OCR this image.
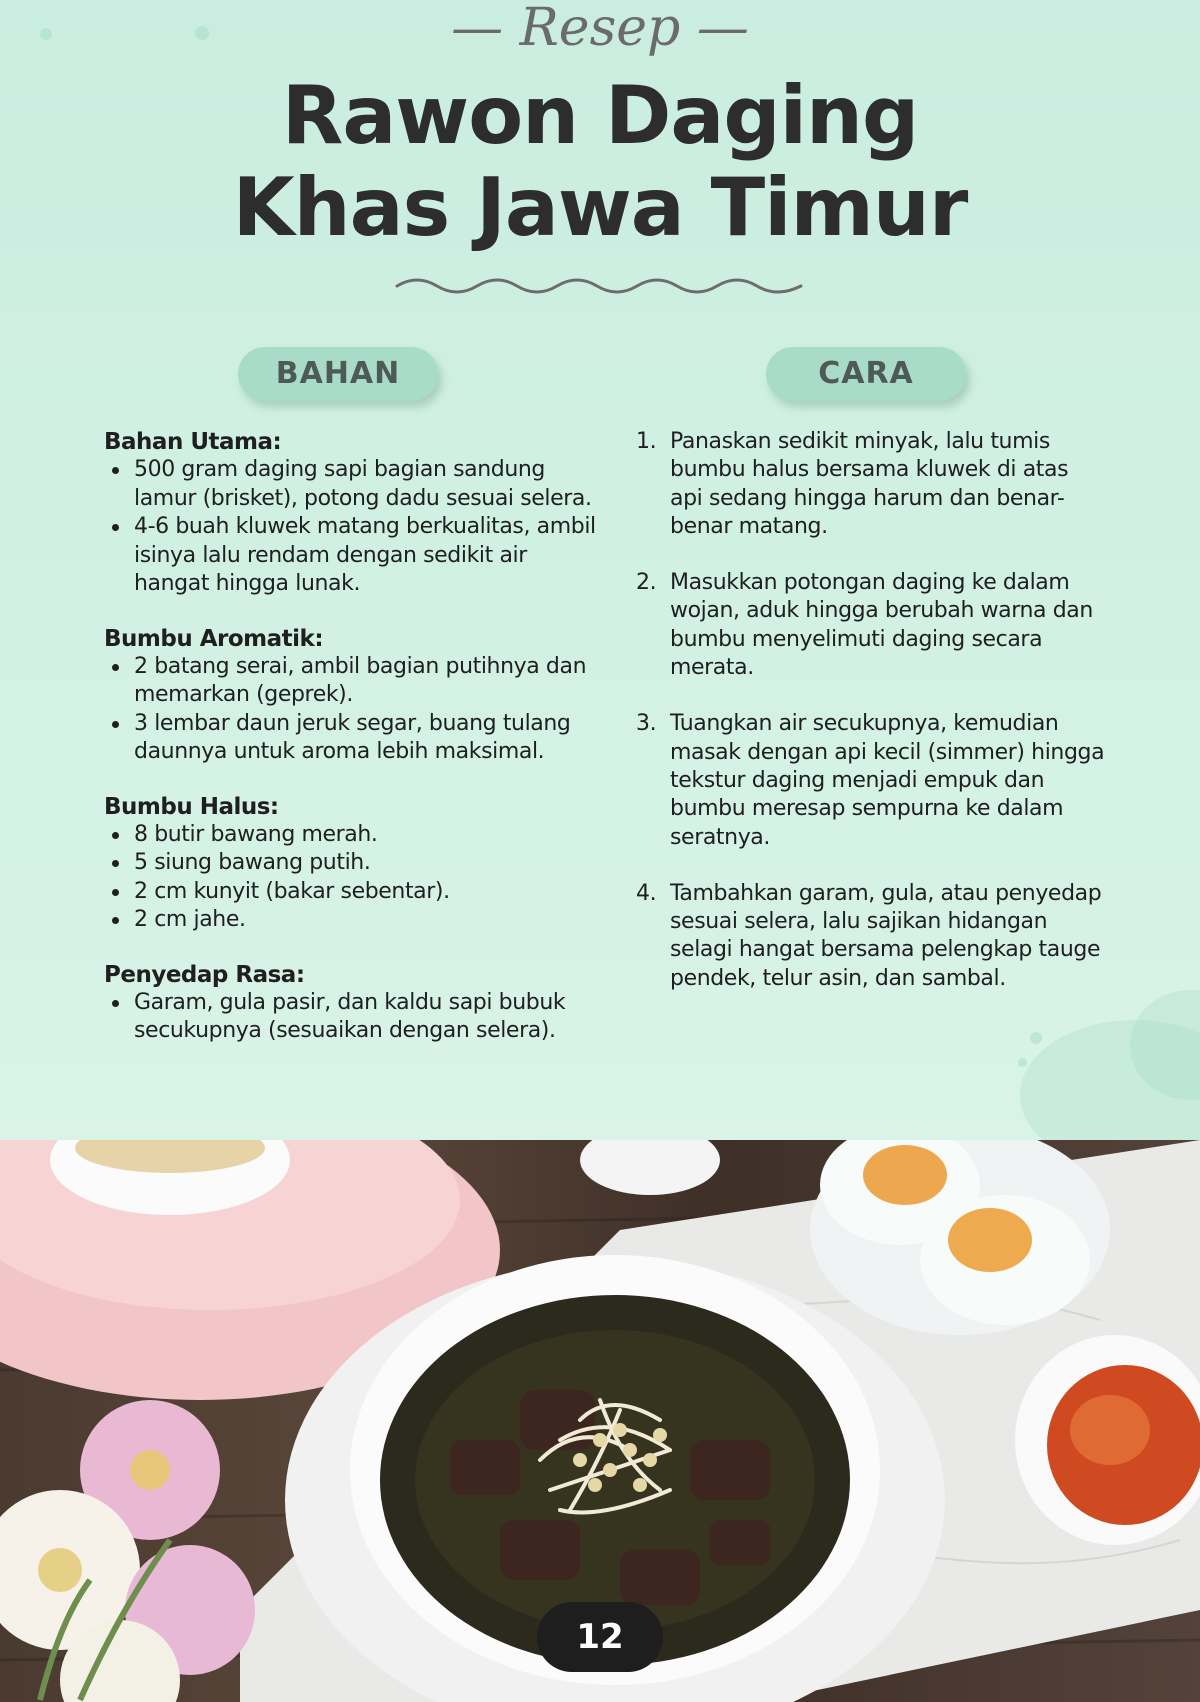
— Resep —
Rawon Daging
Khas Jawa Timur
BAHAN	CARA
Bahan Utama:
500 gram daging sapi bagian sandung lamur (brisket), potong dadu sesuai selera.
4-6 buah kluwek matang berkualitas, ambil isinya lalu rendam dengan sedikit air hangat hingga lunak.
Bumbu Aromatik:
2 batang serai, ambil bagian putihnya dan memarkan (geprek).
3 lembar daun jeruk segar, buang tulang daunnya untuk aroma lebih maksimal.
Bumbu Halus:
8 butir bawang merah.
5 siung bawang putih.
2 cm kunyit (bakar sebentar).
2 cm jahe.
Penyedap Rasa:
Garam, gula pasir, dan kaldu sapi bubuk secukupnya (sesuaikan dengan selera).
1. Panaskan sedikit minyak, lalu tumis bumbu halus bersama kluwek di atas api sedang hingga harum dan benar-benar matang.
2. Masukkan potongan daging ke dalam wojan, aduk hingga berubah warna dan bumbu menyelimuti daging secara merata.
3. Tuangkan air secukupnya, kemudian masak dengan api kecil (simmer) hingga tekstur daging menjadi empuk dan bumbu meresap sempurna ke dalam seratnya.
4. Tambahkan garam, gula, atau penyedap sesuai selera, lalu sajikan hidangan selagi hangat bersama pelengkap tauge pendek, telur asin, dan sambal.
12
